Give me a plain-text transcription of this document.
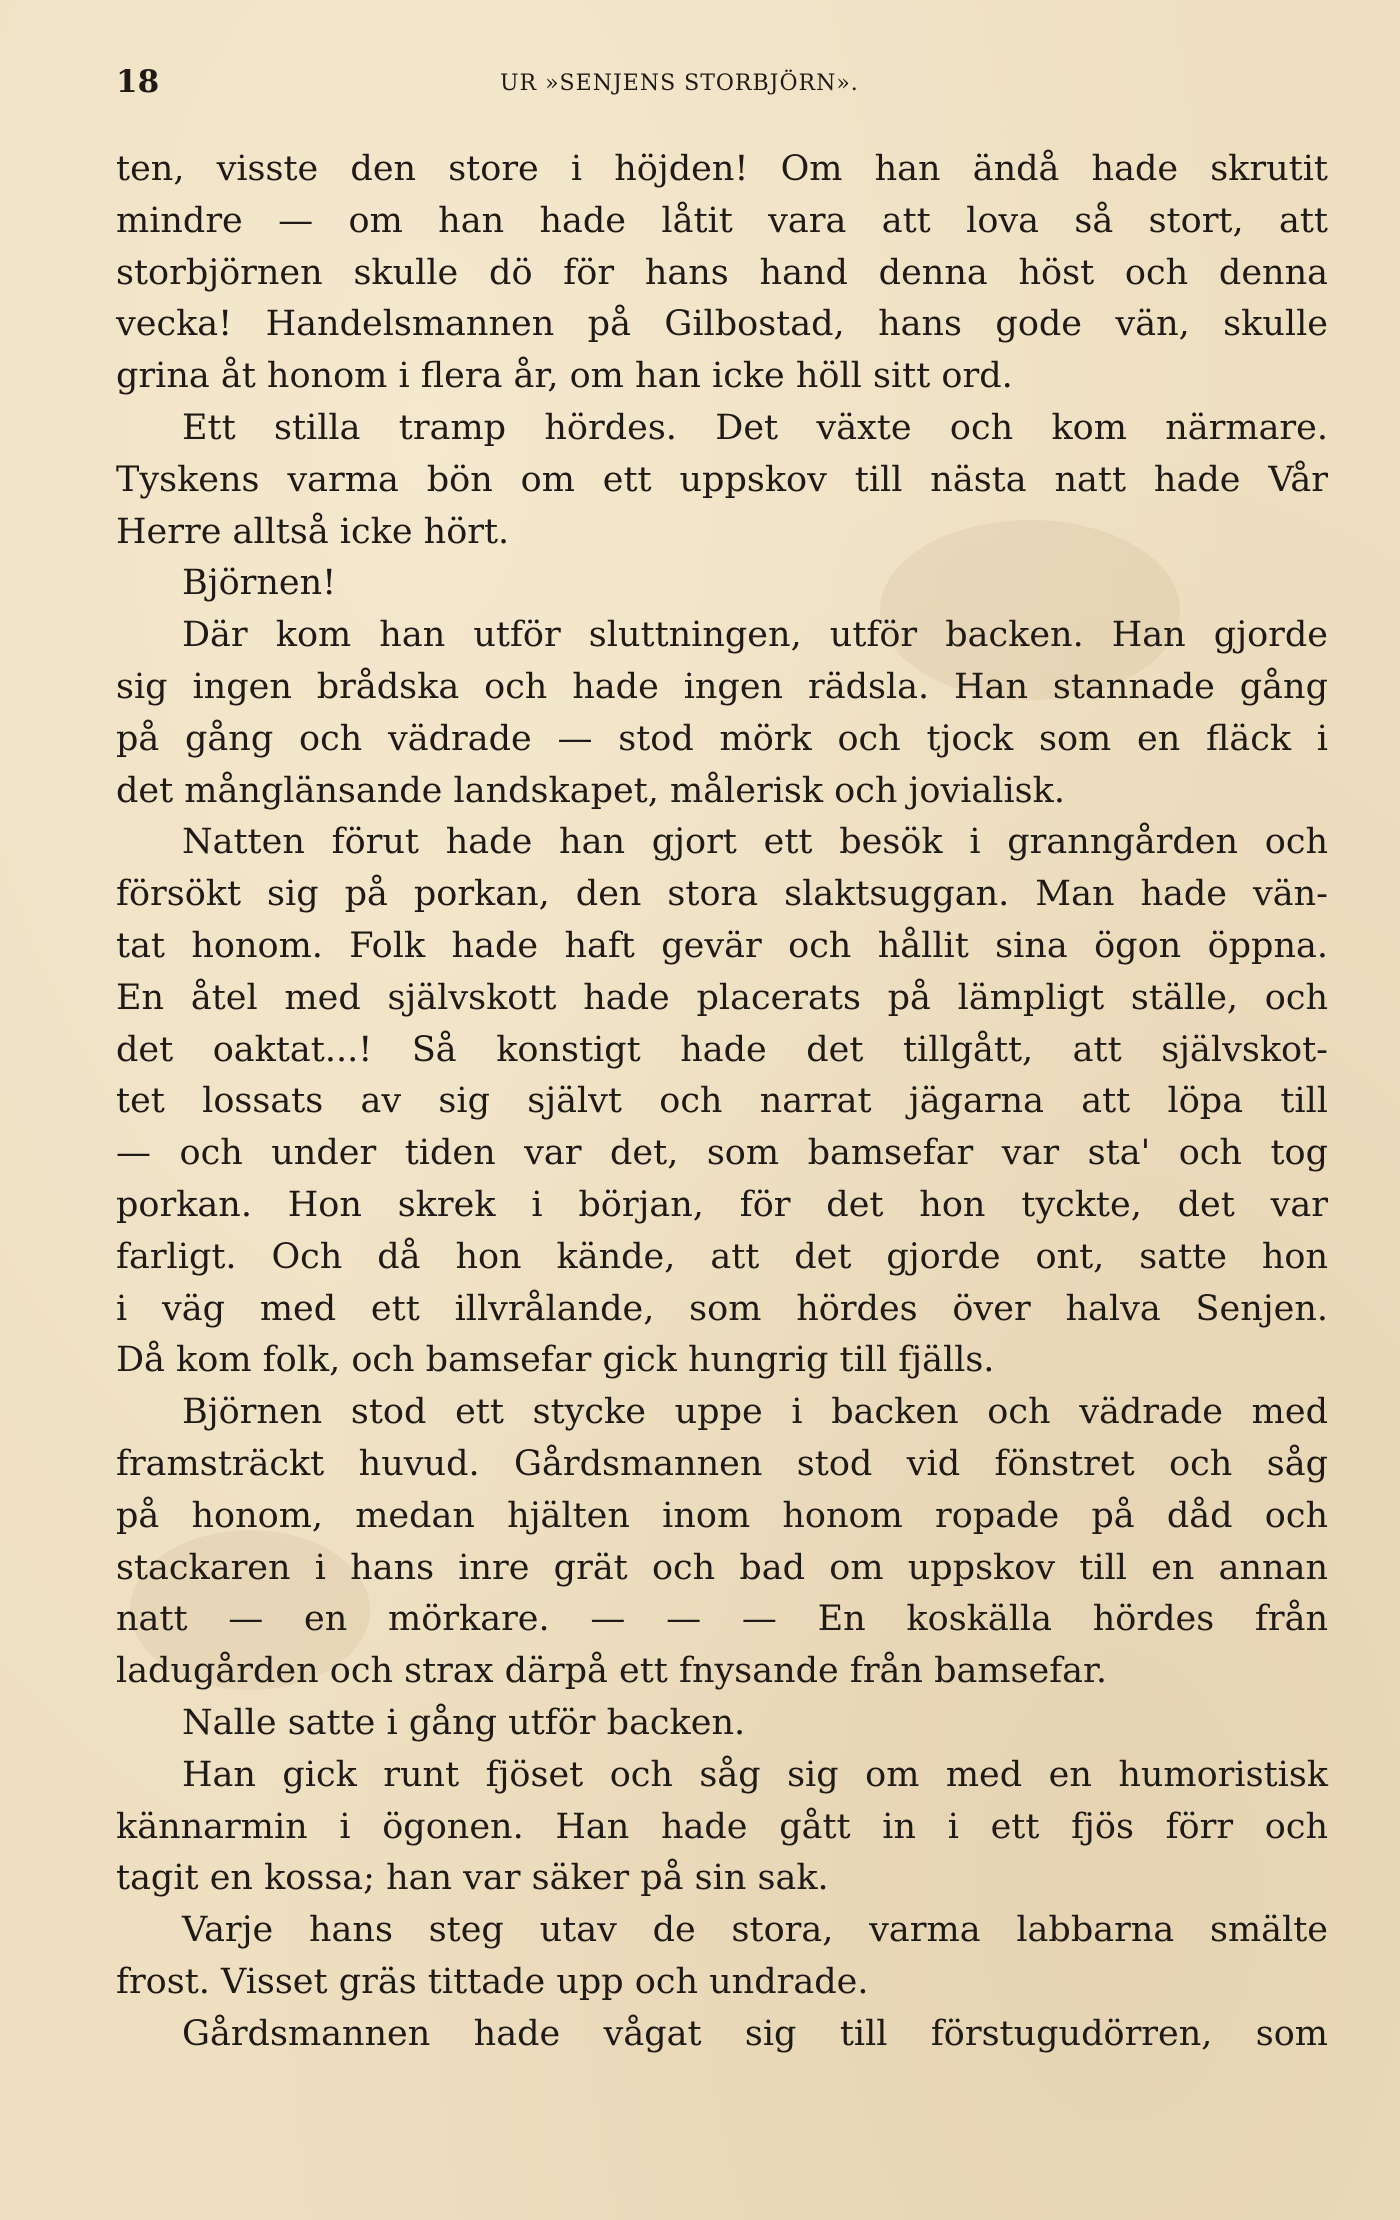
18	UR »SENJENS STORBJÖRN».
ten, visste den store i höjden! Om han ändå hade skrutit
mindre — om han hade låtit vara att lova så stort, att
storbjörnen skulle dö för hans hand denna höst och denna
vecka! Handelsmannen på Gilbostad, hans gode vän, skulle
grina åt honom i flera år, om han icke höll sitt ord.
Ett stilla tramp hördes. Det växte och kom närmare.
Tyskens varma bön om ett uppskov till nästa natt hade Vår
Herre alltså icke hört.
Björnen!
Där kom han utför sluttningen, utför backen. Han gjorde
sig ingen brådska och hade ingen rädsla. Han stannade gång
på gång och vädrade — stod mörk och tjock som en fläck i
det månglänsande landskapet, målerisk och jovialisk.
Natten förut hade han gjort ett besök i granngården och
försökt sig på porkan, den stora slaktsuggan. Man hade vän-
tat honom. Folk hade haft gevär och hållit sina ögon öppna.
En åtel med självskott hade placerats på lämpligt ställe, och
det oaktat...! Så konstigt hade det tillgått, att självskot-
tet lossats av sig självt och narrat jägarna att löpa till
— och under tiden var det, som bamsefar var sta' och tog
porkan. Hon skrek i början, för det hon tyckte, det var
farligt. Och då hon kände, att det gjorde ont, satte hon
i väg med ett illvrålande, som hördes över halva Senjen.
Då kom folk, och bamsefar gick hungrig till fjälls.
Björnen stod ett stycke uppe i backen och vädrade med
framsträckt huvud. Gårdsmannen stod vid fönstret och såg
på honom, medan hjälten inom honom ropade på dåd och
stackaren i hans inre grät och bad om uppskov till en annan
natt — en mörkare. — — — En koskälla hördes från
ladugården och strax därpå ett fnysande från bamsefar.
Nalle satte i gång utför backen.
Han gick runt fjöset och såg sig om med en humoristisk
kännarmin i ögonen. Han hade gått in i ett fjös förr och
tagit en kossa; han var säker på sin sak.
Varje hans steg utav de stora, varma labbarna smälte
frost. Visset gräs tittade upp och undrade.
Gårdsmannen hade vågat sig till förstugudörren, som
